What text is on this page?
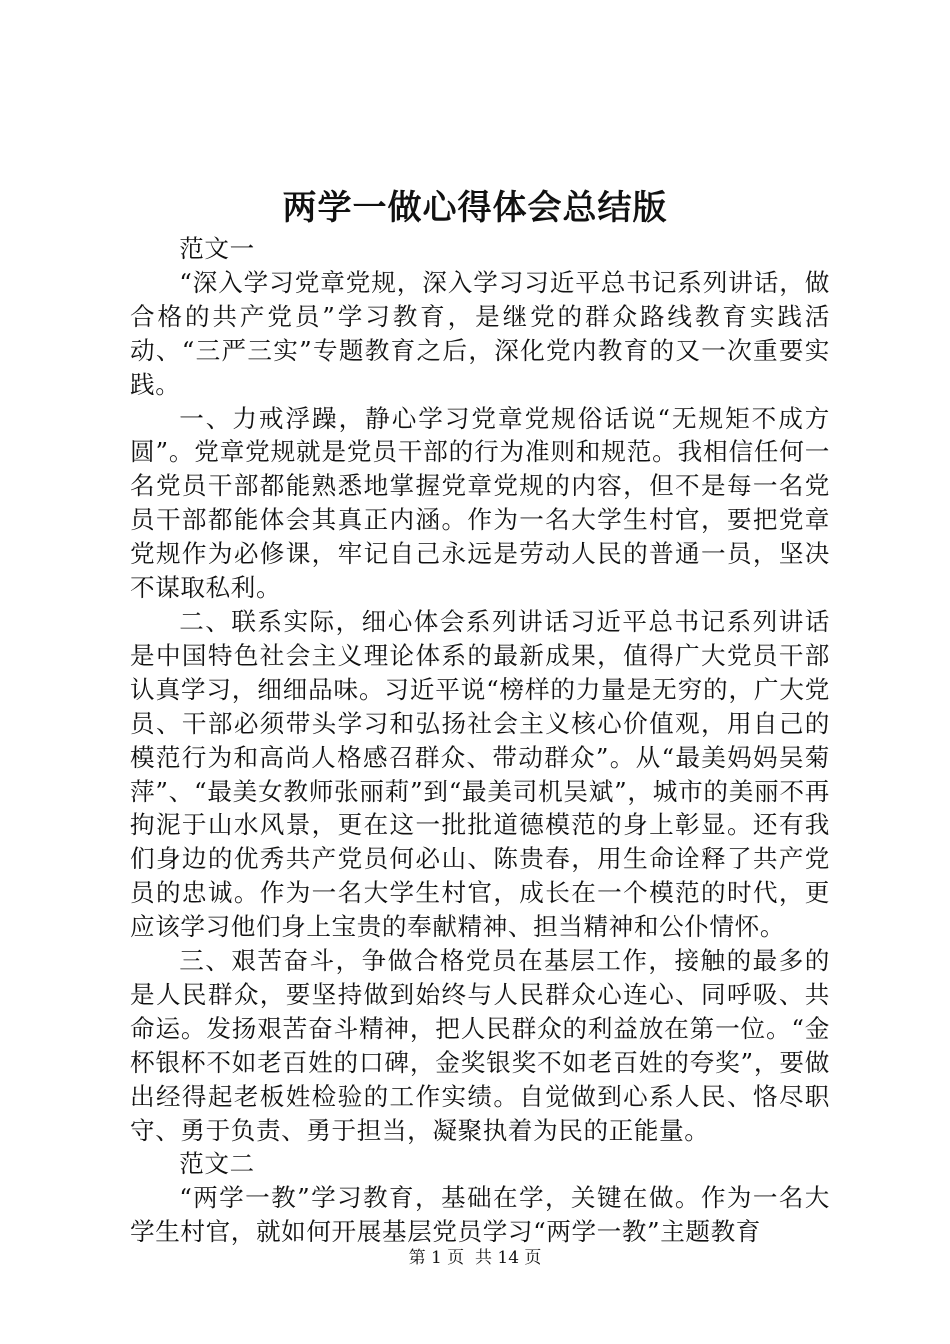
两学一做心得体会总结版

范文一

“深入学习党章党规，深入学习习近平总书记系列讲话，做合格的共产党员”学习教育，是继党的群众路线教育实践活动、“三严三实”专题教育之后，深化党内教育的又一次重要实践。

一、力戒浮躁，静心学习党章党规俗话说“无规矩不成方圆”。党章党规就是党员干部的行为准则和规范。我相信任何一名党员干部都能熟悉地掌握党章党规的内容，但不是每一名党员干部都能体会其真正内涵。作为一名大学生村官，要把党章党规作为必修课，牢记自己永远是劳动人民的普通一员，坚决不谋取私利。

二、联系实际，细心体会系列讲话习近平总书记系列讲话是中国特色社会主义理论体系的最新成果，值得广大党员干部认真学习，细细品味。习近平说“榜样的力量是无穷的，广大党员、干部必须带头学习和弘扬社会主义核心价值观，用自己的模范行为和高尚人格感召群众、带动群众”。从“最美妈妈吴菊萍”、“最美女教师张丽莉”到“最美司机吴斌”，城市的美丽不再拘泥于山水风景，更在这一批批道德模范的身上彰显。还有我们身边的优秀共产党员何必山、陈贵春，用生命诠释了共产党员的忠诚。作为一名大学生村官，成长在一个模范的时代，更应该学习他们身上宝贵的奉献精神、担当精神和公仆情怀。

三、艰苦奋斗，争做合格党员在基层工作，接触的最多的是人民群众，要坚持做到始终与人民群众心连心、同呼吸、共命运。发扬艰苦奋斗精神，把人民群众的利益放在第一位。“金杯银杯不如老百姓的口碑，金奖银奖不如老百姓的夸奖”，要做出经得起老板姓检验的工作实绩。自觉做到心系人民、恪尽职守、勇于负责、勇于担当，凝聚执着为民的正能量。

范文二

“两学一教”学习教育，基础在学，关键在做。作为一名大学生村官，就如何开展基层党员学习“两学一教”主题教育

第 1 页  共 14 页
